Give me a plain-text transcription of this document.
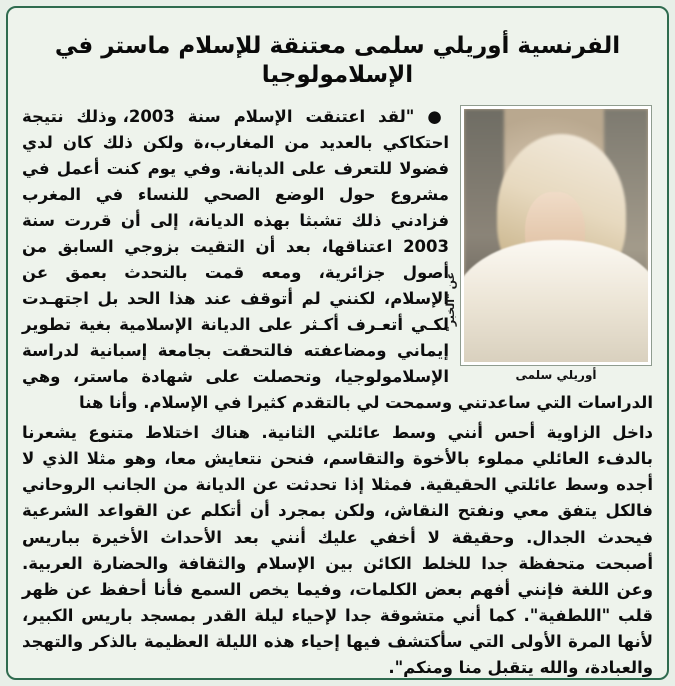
الفرنسية أوريلي سلمى معتنقة للإسلام ماستر في الإسلامولوجيا
أوريلي سلمى
عن "الخبر"

● "لقد اعتنقت الإسلام سنة 2003، وذلك نتيجة احتكاكي بالعديد من المغارب،ة ولكن ذلك كان لدي فضولا للتعرف على الديانة. وفي يوم كنت أعمل في مشروع حول الوضع الصحي للنساء في المغرب فزادني ذلك تشبثا بهذه الديانة، إلى أن قررت سنة 2003 اعتناقها، بعد أن التقيت بزوجي السابق من أصول جزائرية، ومعه قمت بالتحدث بعمق عن الإسلام، لكنني لم أتوقف عند هذا الحد بل اجتهـدت لكـي أتعـرف أكـثر على الديانة الإسلامية بغية تطوير إيماني ومضاعفته فالتحقت بجامعة إسبانية لدراسة الإسلامولوجيا، وتحصلت على شهادة ماستر، وهي الدراسات التي ساعدتني وسمحت لي بالتقدم كثيرا في الإسلام. وأنا هنا

داخل الزاوية أحس أنني وسط عائلتي الثانية. هناك اختلاط متنوع يشعرنا بالدفء العائلي مملوء بالأخوة والتقاسم، فنحن نتعايش معا، وهو مثلا الذي لا أجده وسط عائلتي الحقيقية. فمثلا إذا تحدثت عن الديانة من الجانب الروحاني فالكل يتفق معي ونفتح النقاش، ولكن بمجرد أن أتكلم عن القواعد الشرعية فيحدث الجدال. وحقيقة لا أخفي عليك أنني بعد الأحداث الأخيرة بباريس أصبحت متحفظة جدا للخلط الكائن بين الإسلام والثقافة والحضارة العربية. وعن اللغة فإنني أفهم بعض الكلمات، وفيما يخص السمع فأنا أحفظ عن ظهر قلب "اللطفية". كما أني متشوقة جدا لإحياء ليلة القدر بمسجد باريس الكبير، لأنها المرة الأولى التي سأكتشف فيها إحياء هذه الليلة العظيمة بالذكر والتهجد والعبادة، والله يتقبل منا ومنكم".
